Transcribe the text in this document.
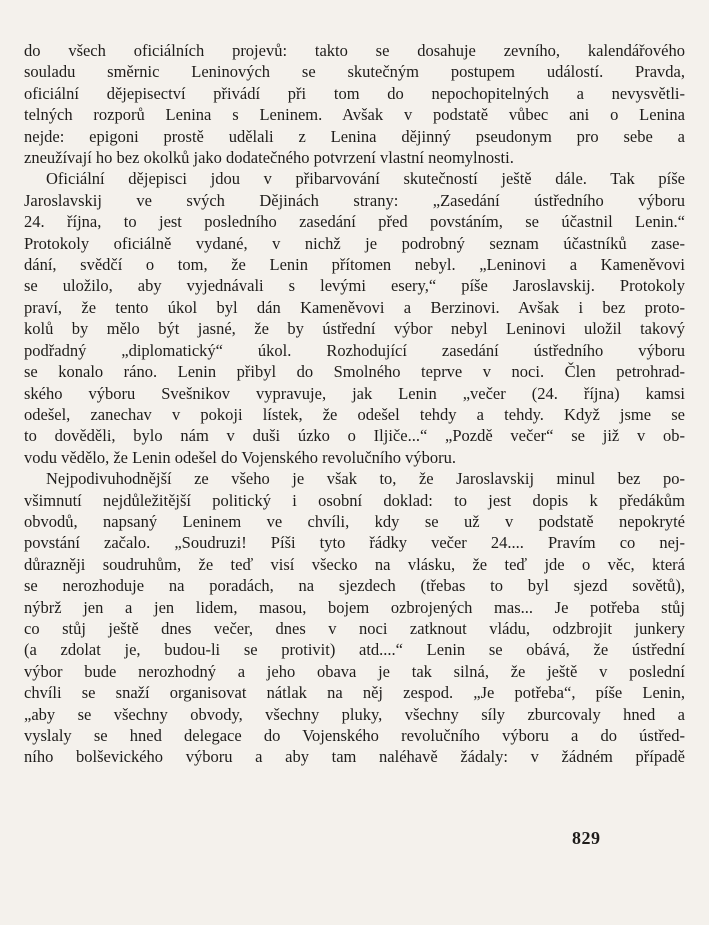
do všech oficiálních projevů: takto se dosahuje zevního, kalendářového
souladu směrnic Leninových se skutečným postupem událostí. Pravda,
oficiální dějepisectví přivádí při tom do nepochopitelných a nevysvětli-
telných rozporů Lenina s Leninem. Avšak v podstatě vůbec ani o Lenina
nejde: epigoni prostě udělali z Lenina dějinný pseudonym pro sebe a
zneužívají ho bez okolků jako dodatečného potvrzení vlastní neomylnosti.

Oficiální dějepisci jdou v přibarvování skutečností ještě dále. Tak píše
Jaroslavskij ve svých Dějinách strany: „Zasedání ústředního výboru
24. října, to jest posledního zasedání před povstáním, se účastnil Lenin.“
Protokoly oficiálně vydané, v nichž je podrobný seznam účastníků zase-
dání, svědčí o tom, že Lenin přítomen nebyl. „Leninovi a Kameněvovi
se uložilo, aby vyjednávali s levými esery,“ píše Jaroslavskij. Protokoly
praví, že tento úkol byl dán Kameněvovi a Berzinovi. Avšak i bez proto-
kolů by mělo být jasné, že by ústřední výbor nebyl Leninovi uložil takový
podřadný „diplomatický“ úkol. Rozhodující zasedání ústředního výboru
se konalo ráno. Lenin přibyl do Smolného teprve v noci. Člen petrohrad-
ského výboru Svešnikov vypravuje, jak Lenin „večer (24. října) kamsi
odešel, zanechav v pokoji lístek, že odešel tehdy a tehdy. Když jsme se
to dověděli, bylo nám v duši úzko o Iljiče...“ „Pozdě večer“ se již v ob-
vodu vědělo, že Lenin odešel do Vojenského revolučního výboru.

Nejpodivuhodnější ze všeho je však to, že Jaroslavskij minul bez po-
všimnutí nejdůležitější politický i osobní doklad: to jest dopis k předákům
obvodů, napsaný Leninem ve chvíli, kdy se už v podstatě nepokryté
povstání začalo. „Soudruzi! Píši tyto řádky večer 24.... Pravím co nej-
důrazněji soudruhům, že teď visí všecko na vlásku, že teď jde o věc, která
se nerozhoduje na poradách, na sjezdech (třebas to byl sjezd sovětů),
nýbrž jen a jen lidem, masou, bojem ozbrojených mas... Je potřeba stůj
co stůj ještě dnes večer, dnes v noci zatknout vládu, odzbrojit junkery
(a zdolat je, budou-li se protivit) atd....“ Lenin se obává, že ústřední
výbor bude nerozhodný a jeho obava je tak silná, že ještě v poslední
chvíli se snaží organisovat nátlak na něj zespod. „Je potřeba“, píše Lenin,
„aby se všechny obvody, všechny pluky, všechny síly zburcovaly hned a
vyslaly se hned delegace do Vojenského revolučního výboru a do ústřed-
ního bolševického výboru a aby tam naléhavě žádaly: v žádném případě

829
